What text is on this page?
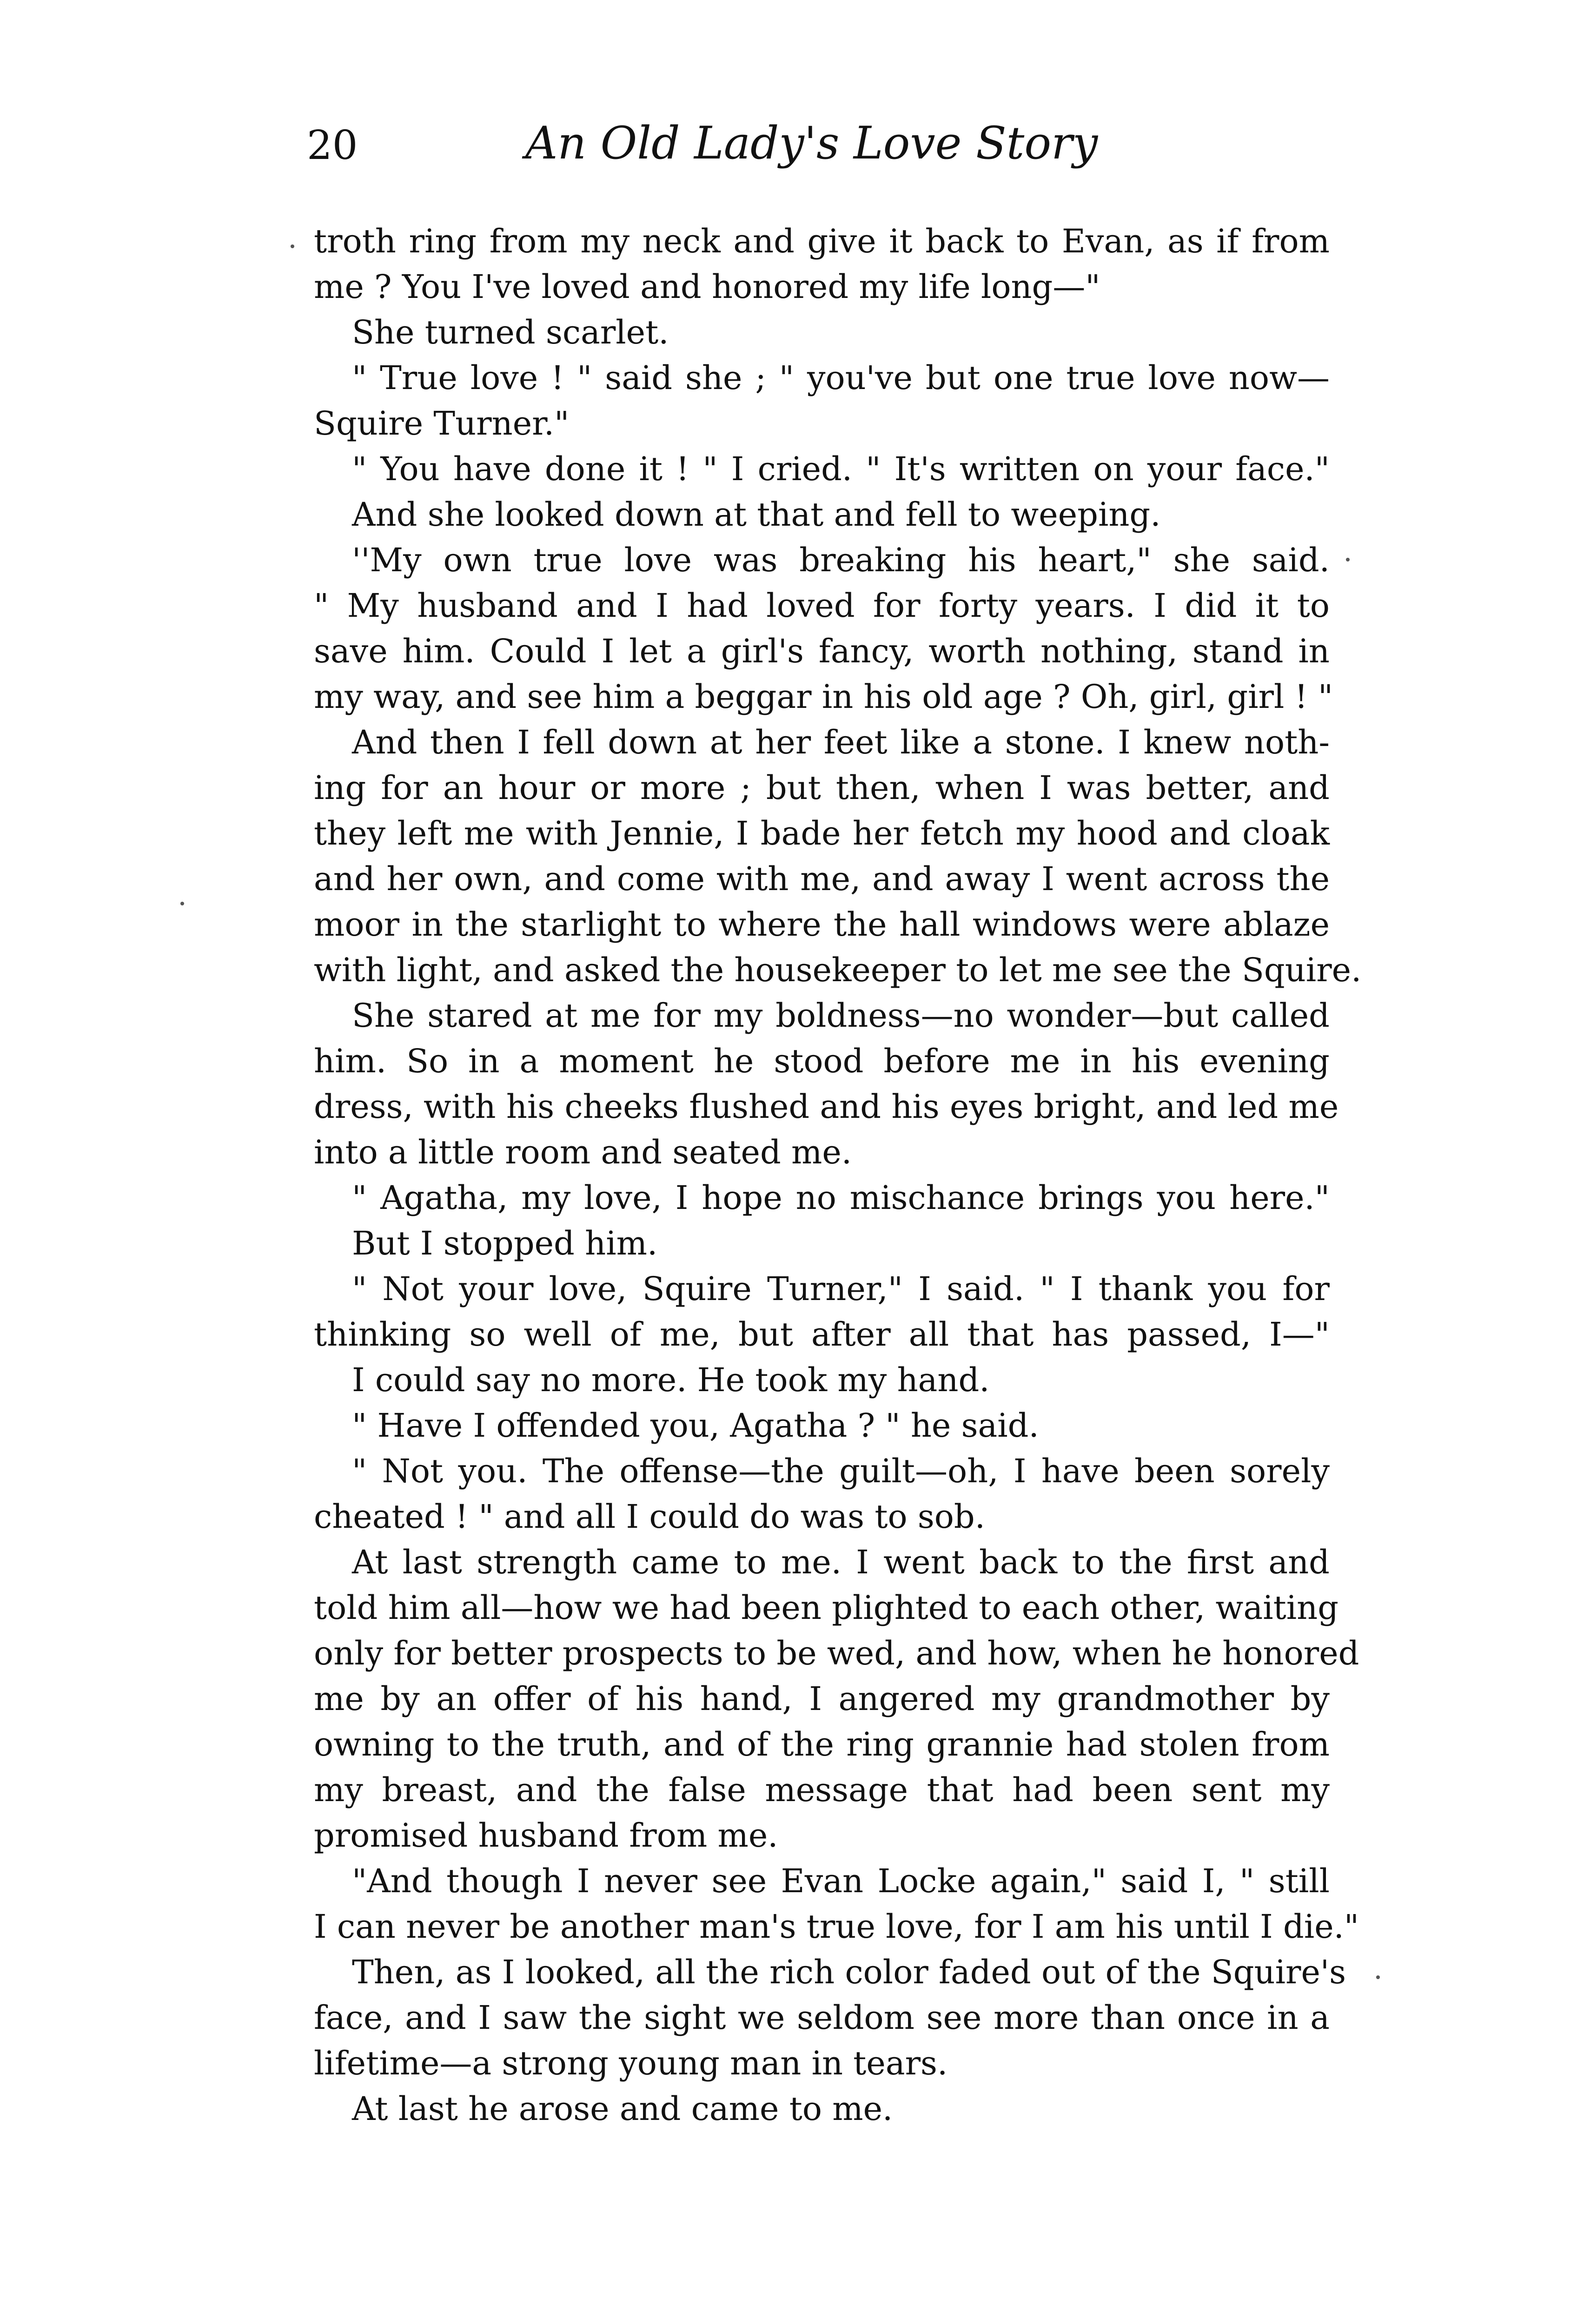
20	An Old Lady's Love Story
troth ring from my neck and give it back to Evan, as if from
me ? You I've loved and honored my life long—"
She turned scarlet.
" True love ! " said she ; " you've but one true love now—
Squire Turner."
" You have done it ! " I cried. " It's written on your face."
And she looked down at that and fell to weeping.
''My own true love was breaking his heart," she said.
" My husband and I had loved for forty years. I did it to
save him. Could I let a girl's fancy, worth nothing, stand in
my way, and see him a beggar in his old age ? Oh, girl, girl ! "
And then I fell down at her feet like a stone. I knew noth-
ing for an hour or more ; but then, when I was better, and
they left me with Jennie, I bade her fetch my hood and cloak
and her own, and come with me, and away I went across the
moor in the starlight to where the hall windows were ablaze
with light, and asked the housekeeper to let me see the Squire.
She stared at me for my boldness—no wonder—but called
him. So in a moment he stood before me in his evening
dress, with his cheeks flushed and his eyes bright, and led me
into a little room and seated me.
" Agatha, my love, I hope no mischance brings you here."
But I stopped him.
" Not your love, Squire Turner," I said. " I thank you for
thinking so well of me, but after all that has passed, I—"
I could say no more. He took my hand.
" Have I offended you, Agatha ? " he said.
" Not you. The offense—the guilt—oh, I have been sorely
cheated ! " and all I could do was to sob.
At last strength came to me. I went back to the first and
told him all—how we had been plighted to each other, waiting
only for better prospects to be wed, and how, when he honored
me by an offer of his hand, I angered my grandmother by
owning to the truth, and of the ring grannie had stolen from
my breast, and the false message that had been sent my
promised husband from me.
"And though I never see Evan Locke again," said I, " still
I can never be another man's true love, for I am his until I die."
Then, as I looked, all the rich color faded out of the Squire's
face, and I saw the sight we seldom see more than once in a
lifetime—a strong young man in tears.
At last he arose and came to me.
